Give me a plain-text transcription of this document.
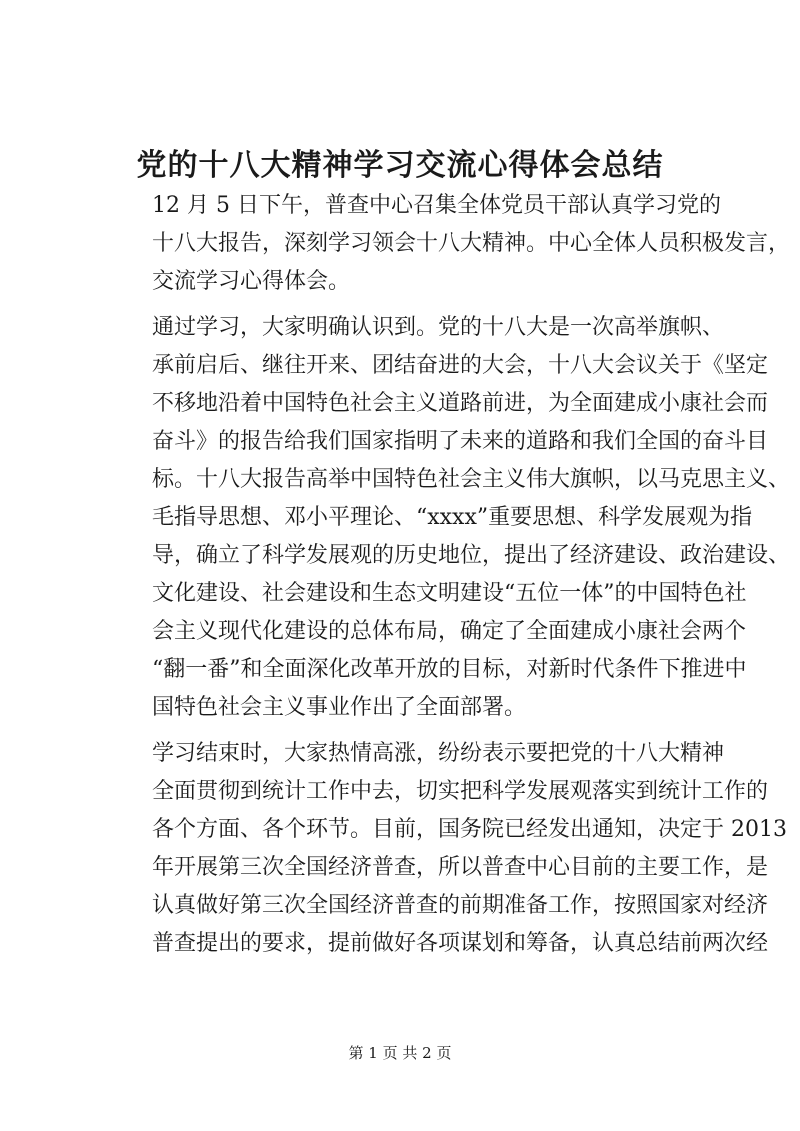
党的十八大精神学习交流心得体会总结

12 月 5 日下午，普查中心召集全体党员干部认真学习党的
十八大报告，深刻学习领会十八大精神。中心全体人员积极发言，
交流学习心得体会。

通过学习，大家明确认识到。党的十八大是一次高举旗帜、
承前启后、继往开来、团结奋进的大会，十八大会议关于《坚定
不移地沿着中国特色社会主义道路前进，为全面建成小康社会而
奋斗》的报告给我们国家指明了未来的道路和我们全国的奋斗目
标。十八大报告高举中国特色社会主义伟大旗帜，以马克思主义、
毛指导思想、邓小平理论、“xxxx”重要思想、科学发展观为指
导，确立了科学发展观的历史地位，提出了经济建设、政治建设、
文化建设、社会建设和生态文明建设“五位一体”的中国特色社
会主义现代化建设的总体布局，确定了全面建成小康社会两个
“翻一番”和全面深化改革开放的目标，对新时代条件下推进中
国特色社会主义事业作出了全面部署。

学习结束时，大家热情高涨，纷纷表示要把党的十八大精神
全面贯彻到统计工作中去，切实把科学发展观落实到统计工作的
各个方面、各个环节。目前，国务院已经发出通知，决定于 2013
年开展第三次全国经济普查，所以普查中心目前的主要工作，是
认真做好第三次全国经济普查的前期准备工作，按照国家对经济
普查提出的要求，提前做好各项谋划和筹备，认真总结前两次经

第 1 页 共 2 页
